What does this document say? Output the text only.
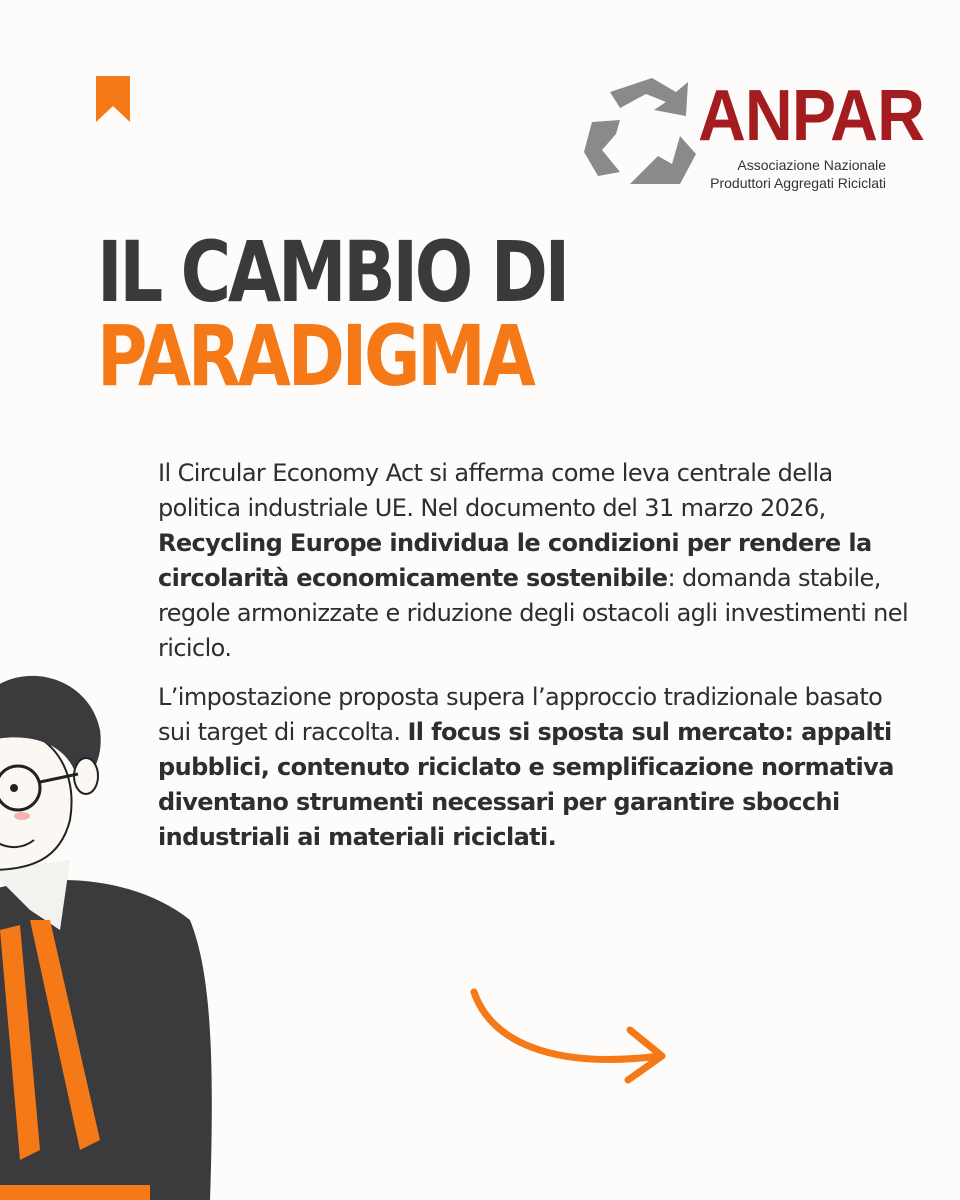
ANPAR
Associazione Nazionale
Produttori Aggregati Riciclati
IL CAMBIO DI
PARADIGMA

Il Circular Economy Act si afferma come leva centrale della politica industriale UE. Nel documento del 31 marzo 2026, Recycling Europe individua le condizioni per rendere la circolarità economicamente sostenibile: domanda stabile, regole armonizzate e riduzione degli ostacoli agli investimenti nel riciclo.

L’impostazione proposta supera l’approccio tradizionale basato sui target di raccolta. Il focus si sposta sul mercato: appalti pubblici, contenuto riciclato e semplificazione normativa diventano strumenti necessari per garantire sbocchi industriali ai materiali riciclati.
